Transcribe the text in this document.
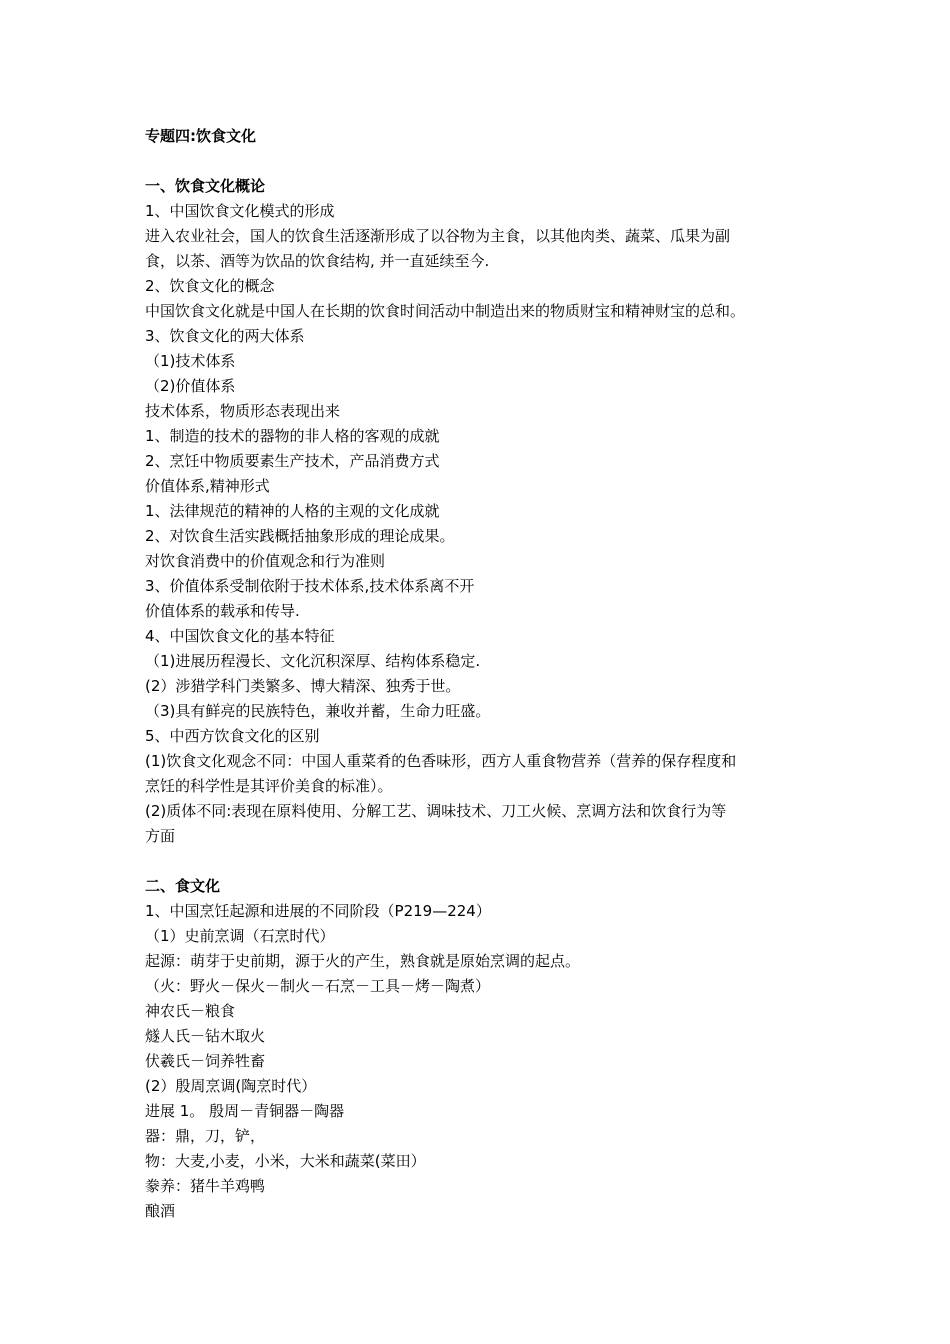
专题四:饮食文化
一、饮食文化概论
1、中国饮食文化模式的形成
进入农业社会，国人的饮食生活逐渐形成了以谷物为主食，以其他肉类、蔬菜、瓜果为副
食，以茶、酒等为饮品的饮食结构, 并一直延续至今.
2、饮食文化的概念
中国饮食文化就是中国人在长期的饮食时间活动中制造出来的物质财宝和精神财宝的总和。
3、饮食文化的两大体系
（1)技术体系
（2)价值体系
技术体系，物质形态表现出来
1、制造的技术的器物的非人格的客观的成就
2、烹饪中物质要素生产技术，产品消费方式
价值体系,精神形式
1、法律规范的精神的人格的主观的文化成就
2、对饮食生活实践概括抽象形成的理论成果。
对饮食消费中的价值观念和行为准则
3、价值体系受制依附于技术体系,技术体系离不开
价值体系的载承和传导.
4、中国饮食文化的基本特征
（1)进展历程漫长、文化沉积深厚、结构体系稳定.
(2）涉猎学科门类繁多、博大精深、独秀于世。
（3)具有鲜亮的民族特色，兼收并蓄，生命力旺盛。
5、中西方饮食文化的区别
(1)饮食文化观念不同：中国人重菜肴的色香味形，西方人重食物营养（营养的保存程度和
烹饪的科学性是其评价美食的标准）。
(2)质体不同:表现在原料使用、分解工艺、调味技术、刀工火候、烹调方法和饮食行为等
方面
二、食文化
1、中国烹饪起源和进展的不同阶段（P219—224）
（1）史前烹调（石烹时代）
起源：萌芽于史前期，源于火的产生，熟食就是原始烹调的起点。
（火：野火－保火－制火－石烹－工具－烤－陶煮）
神农氏－粮食
燧人氏－钻木取火
伏羲氏－饲养牲畜
(2）殷周烹调(陶烹时代）
进展 1。 殷周－青铜器－陶器
器：鼎，刀，铲，
物：大麦,小麦，小米，大米和蔬菜(菜田）
豢养：猪牛羊鸡鸭
酿酒
